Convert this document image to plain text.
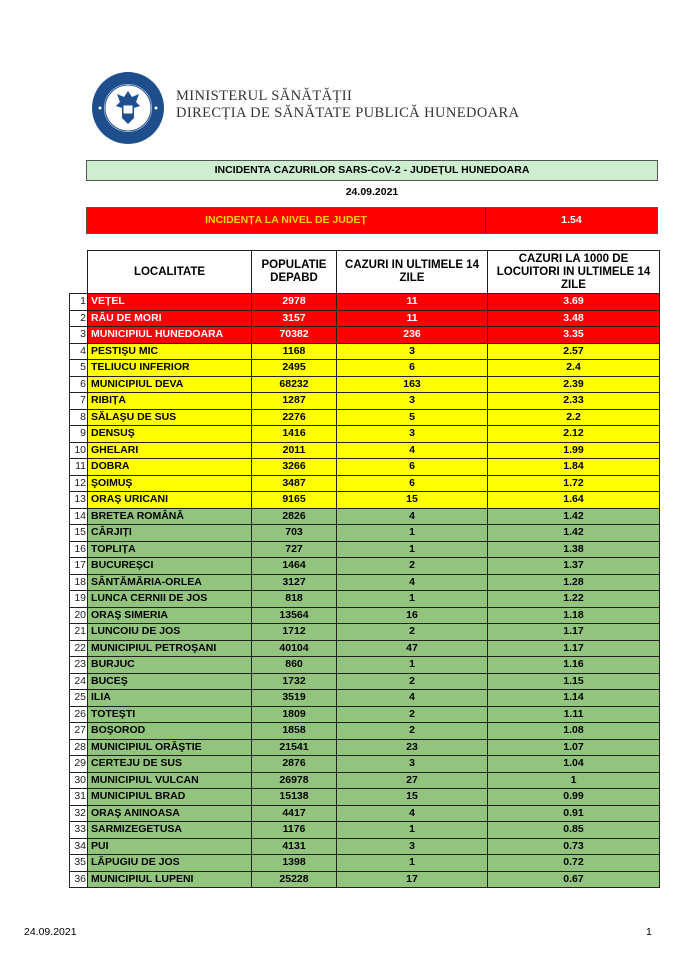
MINISTERUL SĂNĂTĂȚII
DIRECȚIA DE SĂNĂTATE PUBLICĂ HUNEDOARA
INCIDENTA CAZURILOR SARS-CoV-2 - JUDEȚUL HUNEDOARA
24.09.2021
INCIDENȚA LA NIVEL DE JUDEȚ	1.54
	LOCALITATE	POPULATIE DEPABD	CAZURI IN ULTIMELE 14 ZILE	CAZURI LA 1000 DE LOCUITORI IN ULTIMELE 14 ZILE
1	VEȚEL	2978	11	3.69
2	RÂU DE MORI	3157	11	3.48
3	MUNICIPIUL HUNEDOARA	70382	236	3.35
4	PESTIŞU MIC	1168	3	2.57
5	TELIUCU INFERIOR	2495	6	2.4
6	MUNICIPIUL DEVA	68232	163	2.39
7	RIBIȚA	1287	3	2.33
8	SĂLAŞU DE SUS	2276	5	2.2
9	DENSUŞ	1416	3	2.12
10	GHELARI	2011	4	1.99
11	DOBRA	3266	6	1.84
12	ŞOIMUŞ	3487	6	1.72
13	ORAŞ URICANI	9165	15	1.64
14	BRETEA ROMÂNĂ	2826	4	1.42
15	CÂRJIȚI	703	1	1.42
16	TOPLIȚA	727	1	1.38
17	BUCUREŞCI	1464	2	1.37
18	SÂNTĂMĂRIA-ORLEA	3127	4	1.28
19	LUNCA CERNII DE JOS	818	1	1.22
20	ORAŞ SIMERIA	13564	16	1.18
21	LUNCOIU DE JOS	1712	2	1.17
22	MUNICIPIUL PETROŞANI	40104	47	1.17
23	BURJUC	860	1	1.16
24	BUCEŞ	1732	2	1.15
25	ILIA	3519	4	1.14
26	TOTEŞTI	1809	2	1.11
27	BOŞOROD	1858	2	1.08
28	MUNICIPIUL ORĂŞTIE	21541	23	1.07
29	CERTEJU DE SUS	2876	3	1.04
30	MUNICIPIUL VULCAN	26978	27	1
31	MUNICIPIUL BRAD	15138	15	0.99
32	ORAŞ ANINOASA	4417	4	0.91
33	SARMIZEGETUSA	1176	1	0.85
34	PUI	4131	3	0.73
35	LĂPUGIU DE JOS	1398	1	0.72
36	MUNICIPIUL LUPENI	25228	17	0.67
24.09.2021	1
